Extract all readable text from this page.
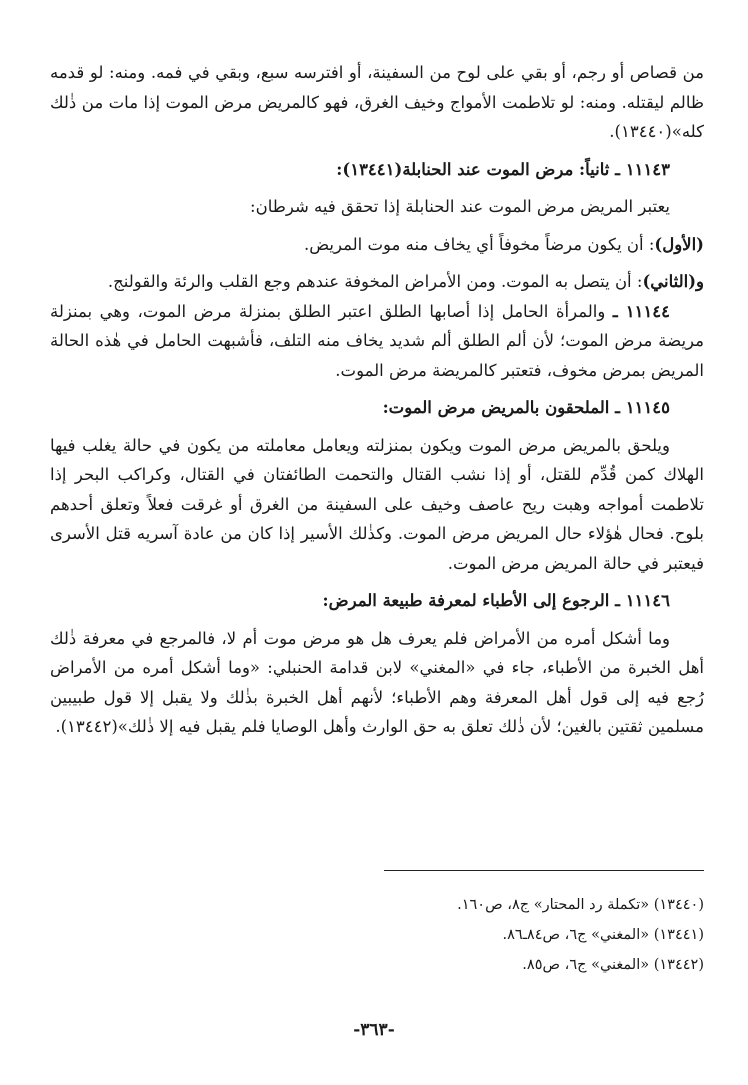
من قصاص أو رجم، أو بقي على لوح من السفينة، أو افترسه سبع، وبقي في فمه. ومنه: لو قدمه ظالم ليقتله. ومنه: لو تلاطمت الأمواج وخيف الغرق، فهو كالمريض مرض الموت إذا مات من ذٰلك كله»(١٣٤٤٠).

١١١٤٣ ـ ثانياً: مرض الموت عند الحنابلة(١٣٤٤١):

يعتبر المريض مرض الموت عند الحنابلة إذا تحقق فيه شرطان:

(الأول): أن يكون مرضاً مخوفاً أي يخاف منه موت المريض.

و(الثاني): أن يتصل به الموت. ومن الأمراض المخوفة عندهم وجع القلب والرئة والقولنج.

١١١٤٤ ـ والمرأة الحامل إذا أصابها الطلق اعتبر الطلق بمنزلة مرض الموت، وهي بمنزلة مريضة مرض الموت؛ لأن ألم الطلق ألم شديد يخاف منه التلف، فأشبهت الحامل في هٰذه الحالة المريض بمرض مخوف، فتعتبر كالمريضة مرض الموت.

١١١٤٥ ـ الملحقون بالمريض مرض الموت:

ويلحق بالمريض مرض الموت ويكون بمنزلته ويعامل معاملته من يكون في حالة يغلب فيها الهلاك كمن قُدِّم للقتل، أو إذا نشب القتال والتحمت الطائفتان في القتال، وكراكب البحر إذا تلاطمت أمواجه وهبت ريح عاصف وخيف على السفينة من الغرق أو غرقت فعلاً وتعلق أحدهم بلوح. فحال هٰؤلاء حال المريض مرض الموت. وكذٰلك الأسير إذا كان من عادة آسريه قتل الأسرى فيعتبر في حالة المريض مرض الموت.

١١١٤٦ ـ الرجوع إلى الأطباء لمعرفة طبيعة المرض:

وما أشكل أمره من الأمراض فلم يعرف هل هو مرض موت أم لا، فالمرجع في معرفة ذٰلك أهل الخبرة من الأطباء، جاء في «المغني» لابن قدامة الحنبلي: «وما أشكل أمره من الأمراض رُجع فيه إلى قول أهل المعرفة وهم الأطباء؛ لأنهم أهل الخبرة بذٰلك ولا يقبل إلا قول طبيبين مسلمين ثقتين بالغين؛ لأن ذٰلك تعلق به حق الوارث وأهل الوصايا فلم يقبل فيه إلا ذٰلك»(١٣٤٤٢).

(١٣٤٤٠) «تكملة رد المحتار» ج٨، ص١٦٠.

(١٣٤٤١) «المغني» ج٦، ص٨٤ـ٨٦.

(١٣٤٤٢) «المغني» ج٦، ص٨٥.

-٣٦٣-
